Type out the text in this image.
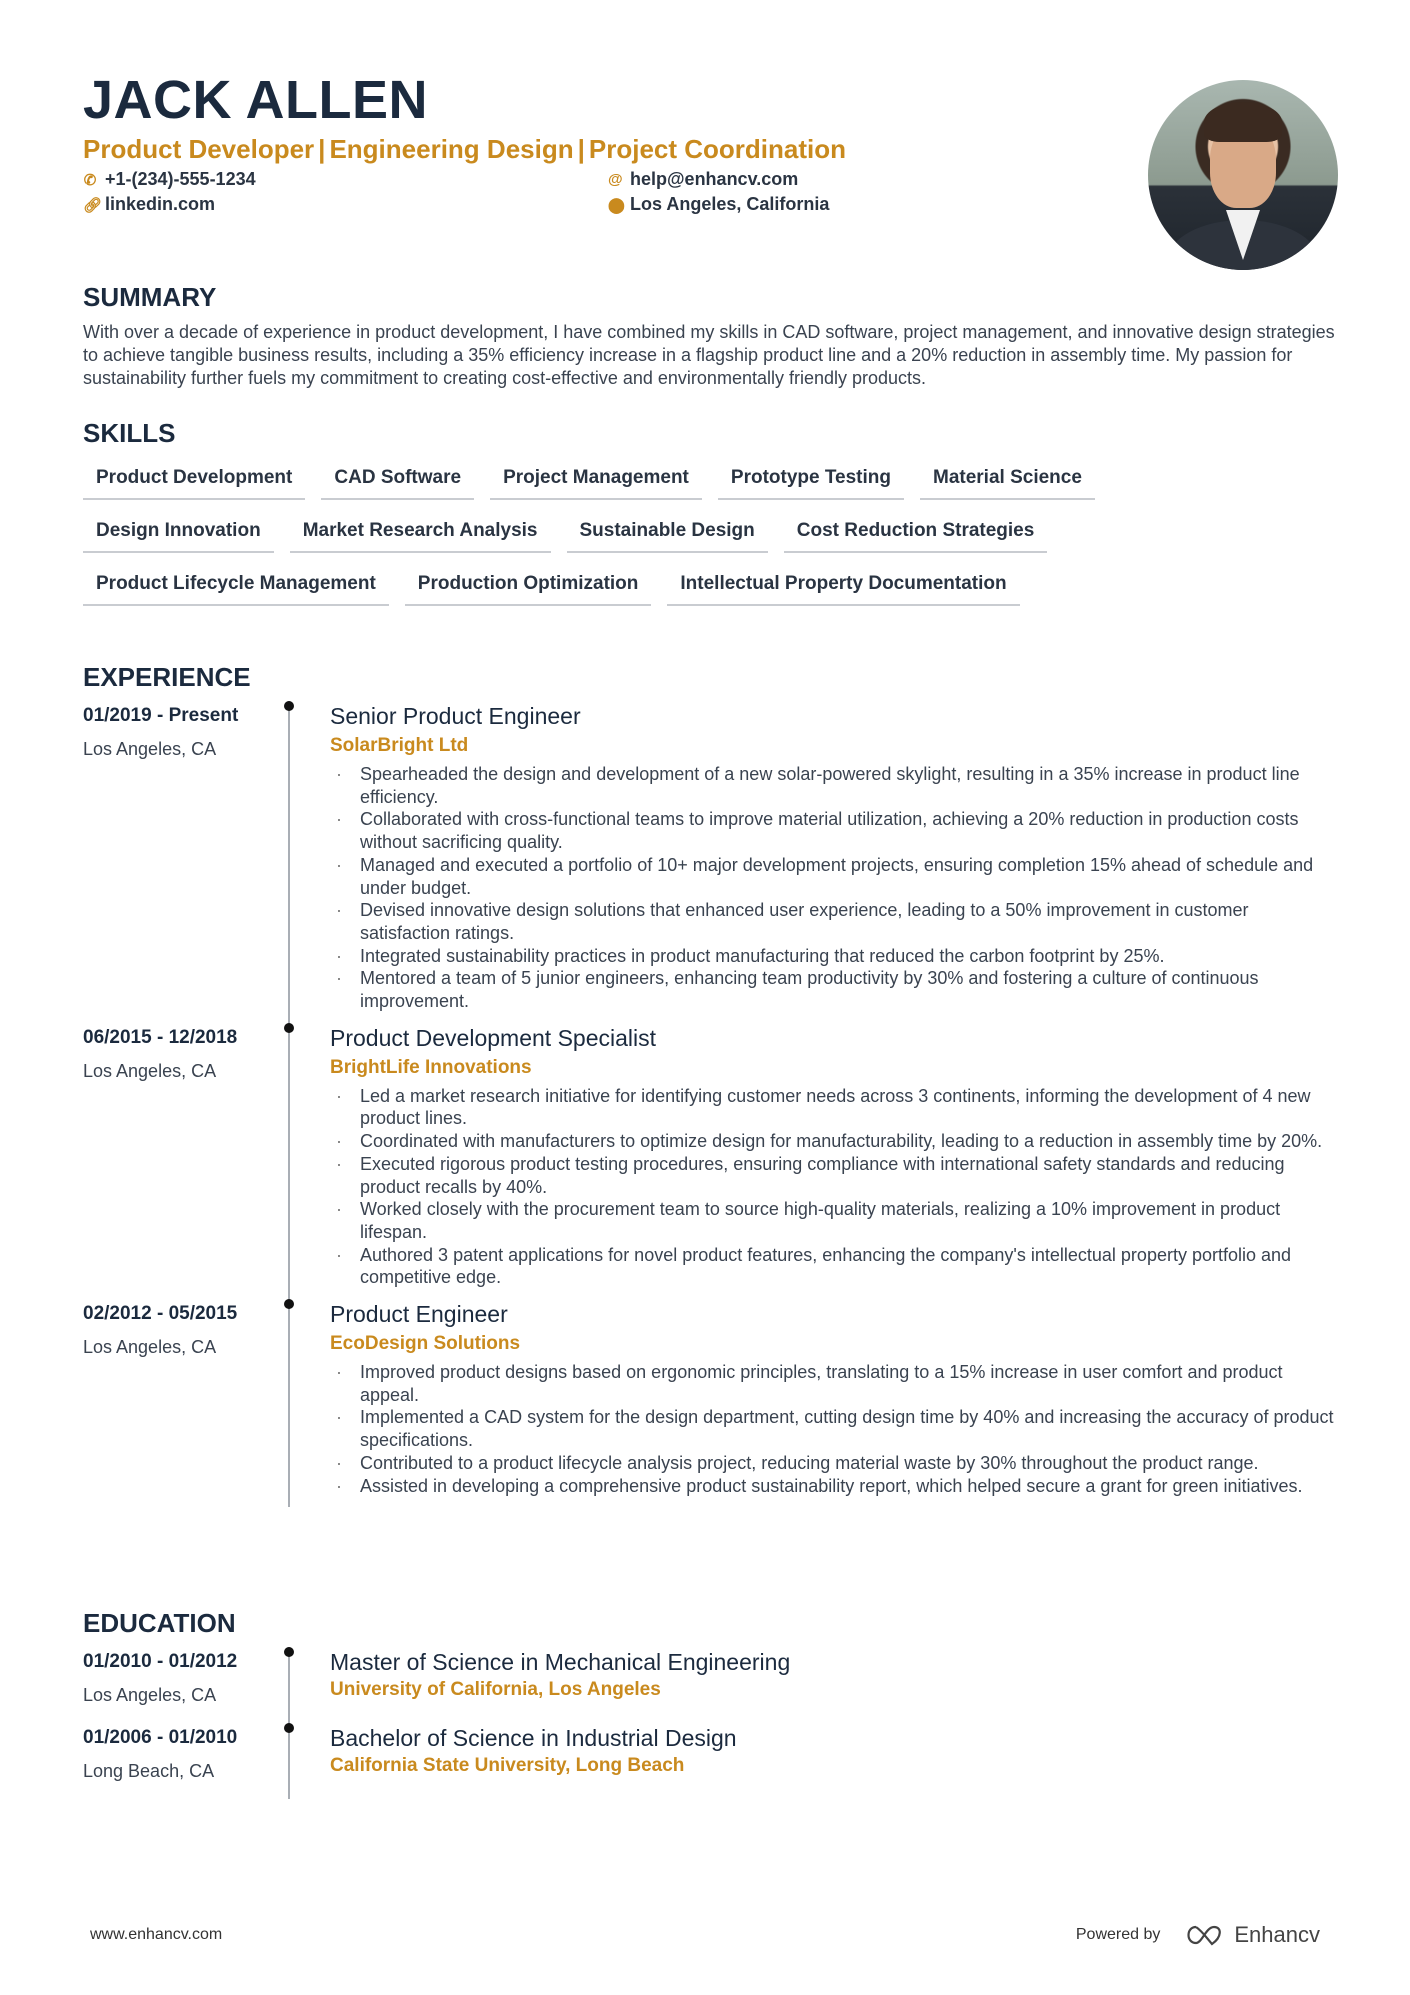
JACK ALLEN
Product Developer | Engineering Design | Project Coordination
✆ +1-(234)-555-1234	@ help@enhancv.com
🔗︎ linkedin.com	⬤ Los Angeles, California
SUMMARY

With over a decade of experience in product development, I have combined my skills in CAD software, project management, and innovative design strategies to achieve tangible business results, including a 35% efficiency increase in a flagship product line and a 20% reduction in assembly time. My passion for sustainability further fuels my commitment to creating cost-effective and environmentally friendly products.

SKILLS
Product Development	CAD Software	Project Management	Prototype Testing	Material Science
Design Innovation	Market Research Analysis	Sustainable Design	Cost Reduction Strategies
Product Lifecycle Management	Production Optimization	Intellectual Property Documentation
EXPERIENCE
01/2019 - Present
Los Angeles, CA
Senior Product Engineer
SolarBright Ltd
· Spearheaded the design and development of a new solar-powered skylight, resulting in a 35% increase in product line efficiency.
· Collaborated with cross-functional teams to improve material utilization, achieving a 20% reduction in production costs without sacrificing quality.
· Managed and executed a portfolio of 10+ major development projects, ensuring completion 15% ahead of schedule and under budget.
· Devised innovative design solutions that enhanced user experience, leading to a 50% improvement in customer satisfaction ratings.
· Integrated sustainability practices in product manufacturing that reduced the carbon footprint by 25%.
· Mentored a team of 5 junior engineers, enhancing team productivity by 30% and fostering a culture of continuous improvement.
06/2015 - 12/2018
Los Angeles, CA
Product Development Specialist
BrightLife Innovations
· Led a market research initiative for identifying customer needs across 3 continents, informing the development of 4 new product lines.
· Coordinated with manufacturers to optimize design for manufacturability, leading to a reduction in assembly time by 20%.
· Executed rigorous product testing procedures, ensuring compliance with international safety standards and reducing product recalls by 40%.
· Worked closely with the procurement team to source high-quality materials, realizing a 10% improvement in product lifespan.
· Authored 3 patent applications for novel product features, enhancing the company's intellectual property portfolio and competitive edge.
02/2012 - 05/2015
Los Angeles, CA
Product Engineer
EcoDesign Solutions
· Improved product designs based on ergonomic principles, translating to a 15% increase in user comfort and product appeal.
· Implemented a CAD system for the design department, cutting design time by 40% and increasing the accuracy of product specifications.
· Contributed to a product lifecycle analysis project, reducing material waste by 30% throughout the product range.
· Assisted in developing a comprehensive product sustainability report, which helped secure a grant for green initiatives.
EDUCATION
01/2010 - 01/2012
Los Angeles, CA
Master of Science in Mechanical Engineering
University of California, Los Angeles
01/2006 - 01/2010
Long Beach, CA
Bachelor of Science in Industrial Design
California State University, Long Beach
www.enhancv.com	Powered by	Enhancv
